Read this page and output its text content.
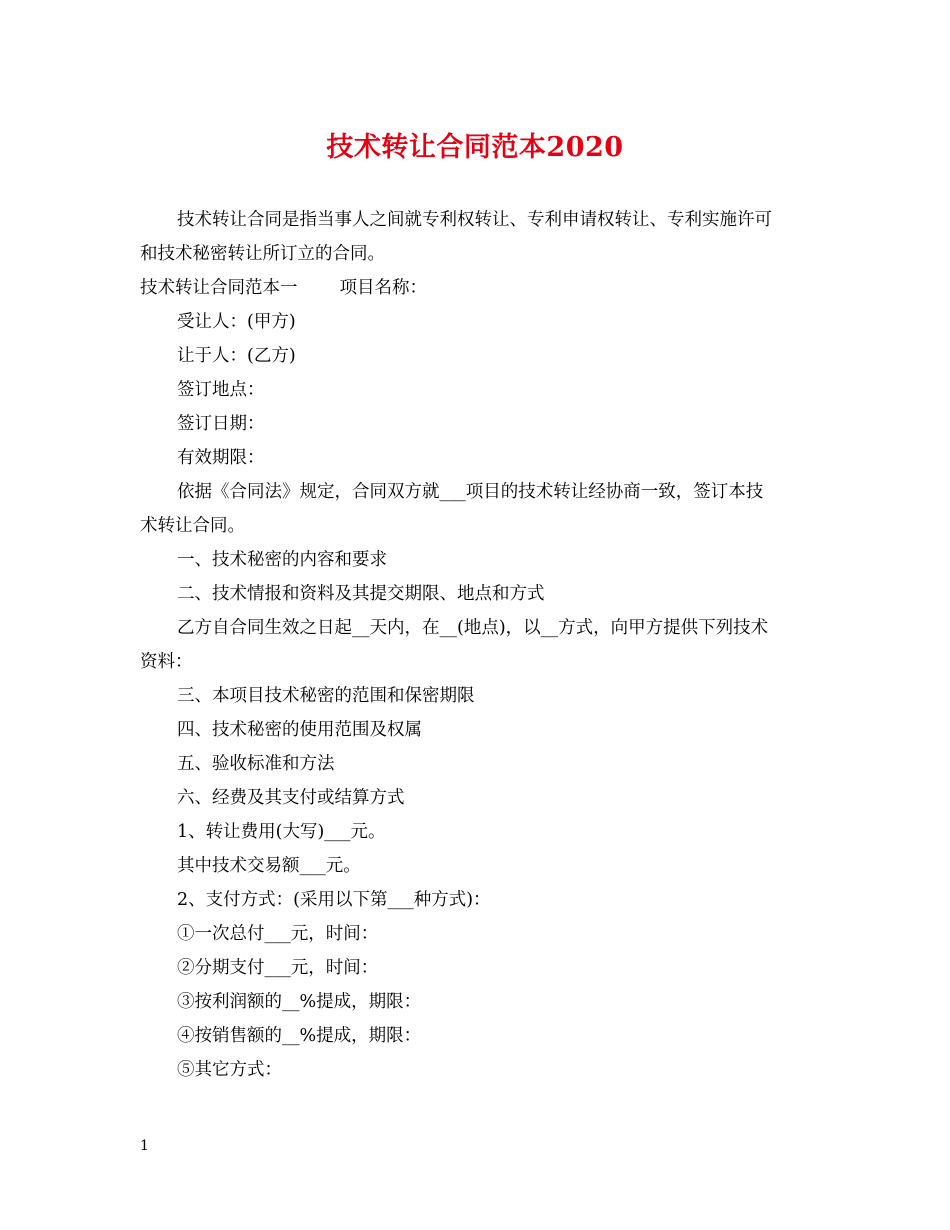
技术转让合同范本2020
技术转让合同是指当事人之间就专利权转让、专利申请权转让、专利实施许可
和技术秘密转让所订立的合同。
技术转让合同范本一 项目名称：
受让人：(甲方)
让于人：(乙方)
签订地点：
签订日期：
有效期限：
依据《合同法》规定，合同双方就___项目的技术转让经协商一致，签订本技
术转让合同。
一、技术秘密的内容和要求
二、技术情报和资料及其提交期限、地点和方式
乙方自合同生效之日起__天内，在__(地点)，以__方式，向甲方提供下列技术
资料：
三、本项目技术秘密的范围和保密期限
四、技术秘密的使用范围及权属
五、验收标准和方法
六、经费及其支付或结算方式
1、转让费用(大写)___元。
其中技术交易额___元。
2、支付方式：(采用以下第___种方式)：
①一次总付___元，时间：
②分期支付___元，时间：
③按利润额的__%提成，期限：
④按销售额的__%提成，期限：
⑤其它方式：
1
